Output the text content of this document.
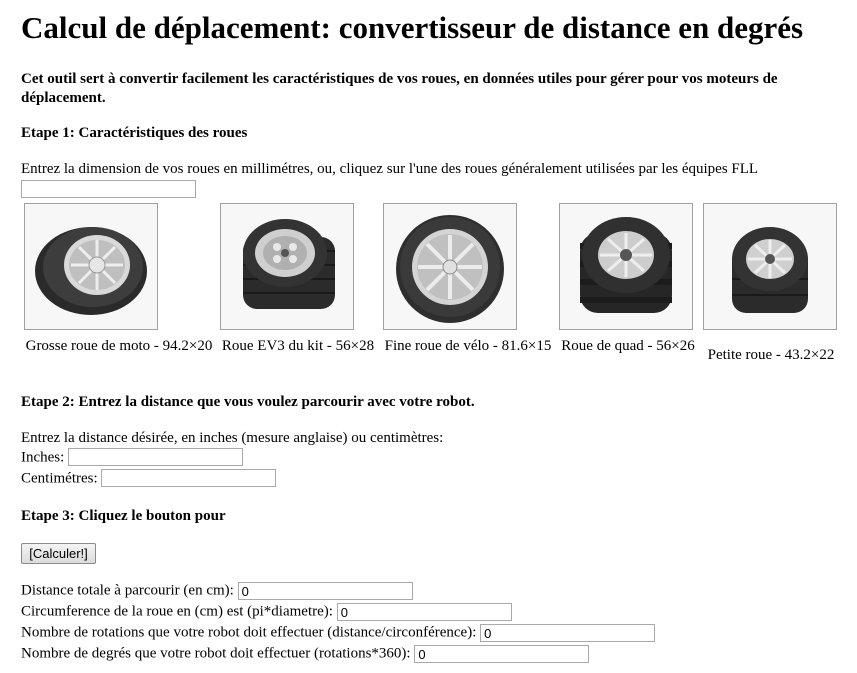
Calcul de déplacement: convertisseur de distance en degrés

Cet outil sert à convertir facilement les caractéristiques de vos roues, en données utiles pour gérer pour vos moteurs de déplacement.

Etape 1: Caractéristiques des roues

Entrez la dimension de vos roues en millimétres, ou, cliquez sur l'une des roues généralement utilisées par les équipes FLL

Grosse roue de moto - 94.2×20 Roue EV3 du kit - 56×28 Fine roue de vélo - 81.6×15 Roue de quad - 56×26
Petite roue - 43.2×22

Etape 2: Entrez la distance que vous voulez parcourir avec votre robot.

Entrez la distance désirée, en inches (mesure anglaise) ou centimètres:

Inches:

Centimétres:

Etape 3: Cliquez le bouton pour

[Calculer!]

Distance totale à parcourir (en cm): 0

Circumference de la roue en (cm) est (pi*diametre): 0

Nombre de rotations que votre robot doit effectuer (distance/circonférence): 0

Nombre de degrés que votre robot doit effectuer (rotations*360): 0
